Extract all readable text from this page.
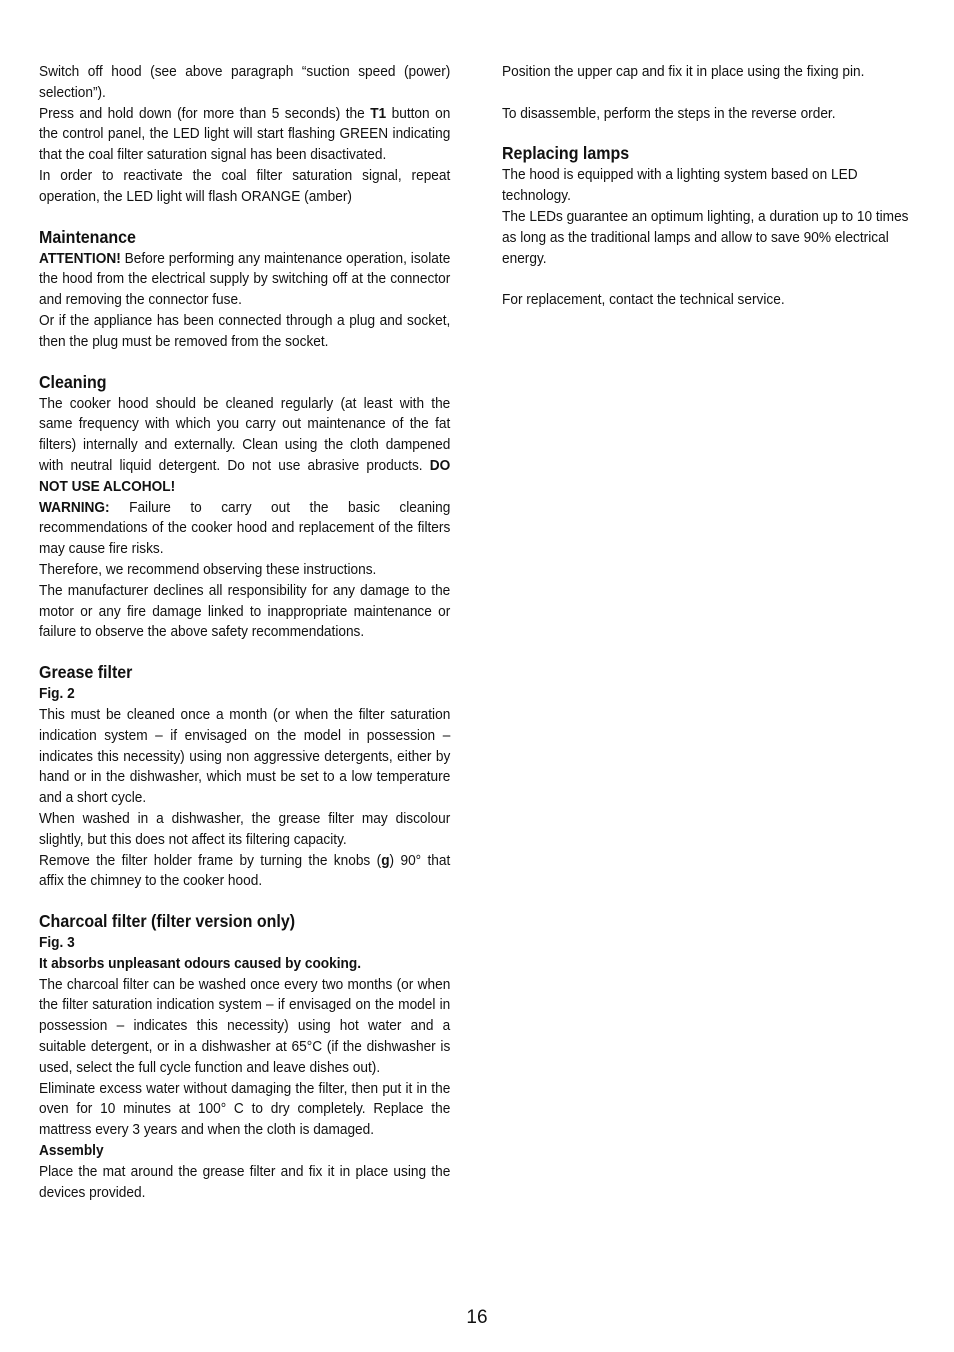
Switch off hood (see above paragraph “suction speed (power) selection”).

Press and hold down (for more than 5 seconds) the T1 button on the control panel, the LED light will start flashing GREEN indicating that the coal filter saturation signal has been disactivated.

In order to reactivate the coal filter saturation signal, repeat operation, the LED light will flash ORANGE (amber)

Maintenance

ATTENTION! Before performing any maintenance operation, isolate the hood from the electrical supply by switching off at the connector and removing the connector fuse.

Or if the appliance has been connected through a plug and socket, then the plug must be removed from the socket.

Cleaning

The cooker hood should be cleaned regularly (at least with the same frequency with which you carry out maintenance of the fat filters) internally and externally. Clean using the cloth dampened with neutral liquid detergent. Do not use abrasive products. DO NOT USE ALCOHOL!

WARNING: Failure to carry out the basic cleaning recommendations of the cooker hood and replacement of the filters may cause fire risks.

Therefore, we recommend observing these instructions.

The manufacturer declines all responsibility for any damage to the motor or any fire damage linked to inappropriate maintenance or failure to observe the above safety recommendations.

Grease filter

Fig. 2

This must be cleaned once a month (or when the filter saturation indication system – if envisaged on the model in possession – indicates this necessity) using non aggressive detergents, either by hand or in the dishwasher, which must be set to a low temperature and a short cycle.

When washed in a dishwasher, the grease filter may discolour slightly, but this does not affect its filtering capacity.

Remove the filter holder frame by turning the knobs (g) 90° that affix the chimney to the cooker hood.

Charcoal filter (filter version only)

Fig. 3

It absorbs unpleasant odours caused by cooking.

The charcoal filter can be washed once every two months (or when the filter saturation indication system – if envisaged on the model in possession – indicates this necessity) using hot water and a suitable detergent, or in a dishwasher at 65°C (if the dishwasher is used, select the full cycle function and leave dishes out).

Eliminate excess water without damaging the filter, then put it in the oven for 10 minutes at 100° C to dry completely. Replace the mattress every 3 years and when the cloth is damaged.

Assembly

Place the mat around the grease filter and fix it in place using the devices provided.

Position the upper cap and fix it in place using the fixing pin.

To disassemble, perform the steps in the reverse order.

Replacing lamps

The hood is equipped with a lighting system based on LED technology.

The LEDs guarantee an optimum lighting, a duration up to 10 times as long as the traditional lamps and allow to save 90% electrical energy.

For replacement, contact the technical service.

16
